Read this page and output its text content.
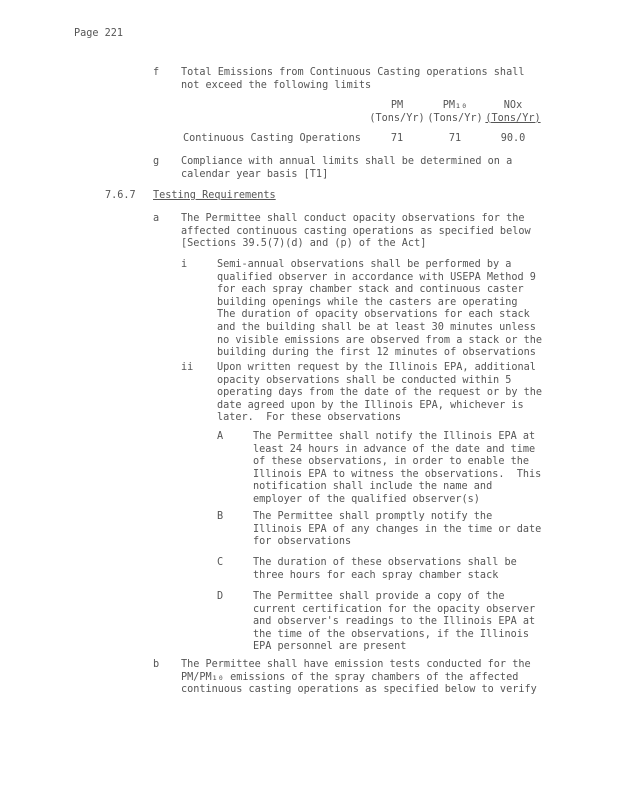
Page 221
f Total Emissions from Continuous Casting operations shall
not exceed the following limits
	PM	PM₁₀	NOx
	(Tons/Yr)	(Tons/Yr)	(Tons/Yr)

Continuous Casting Operations	71	71	90.0
g Compliance with annual limits shall be determined on a
calendar year basis [T1]
7.6.7 Testing Requirements
a The Permittee shall conduct opacity observations for the
affected continuous casting operations as specified below
[Sections 39.5(7)(d) and (p) of the Act]
i	Semi-annual observations shall be performed by a
qualified observer in accordance with USEPA Method 9
for each spray chamber stack and continuous caster
building openings while the casters are operating
The duration of opacity observations for each stack
and the building shall be at least 30 minutes unless
no visible emissions are observed from a stack or the
building during the first 12 minutes of observations
ii Upon written request by the Illinois EPA, additional
opacity observations shall be conducted within 5
operating days from the date of the request or by the
date agreed upon by the Illinois EPA, whichever is
later.  For these observations
A	The Permittee shall notify the Illinois EPA at
least 24 hours in advance of the date and time
of these observations, in order to enable the
Illinois EPA to witness the observations.  This
notification shall include the name and
employer of the qualified observer(s)
B	The Permittee shall promptly notify the
Illinois EPA of any changes in the time or date
for observations
C	The duration of these observations shall be
three hours for each spray chamber stack
D	The Permittee shall provide a copy of the
current certification for the opacity observer
and observer's readings to the Illinois EPA at
the time of the observations, if the Illinois
EPA personnel are present
b The Permittee shall have emission tests conducted for the
PM/PM₁₀ emissions of the spray chambers of the affected
continuous casting operations as specified below to verify
